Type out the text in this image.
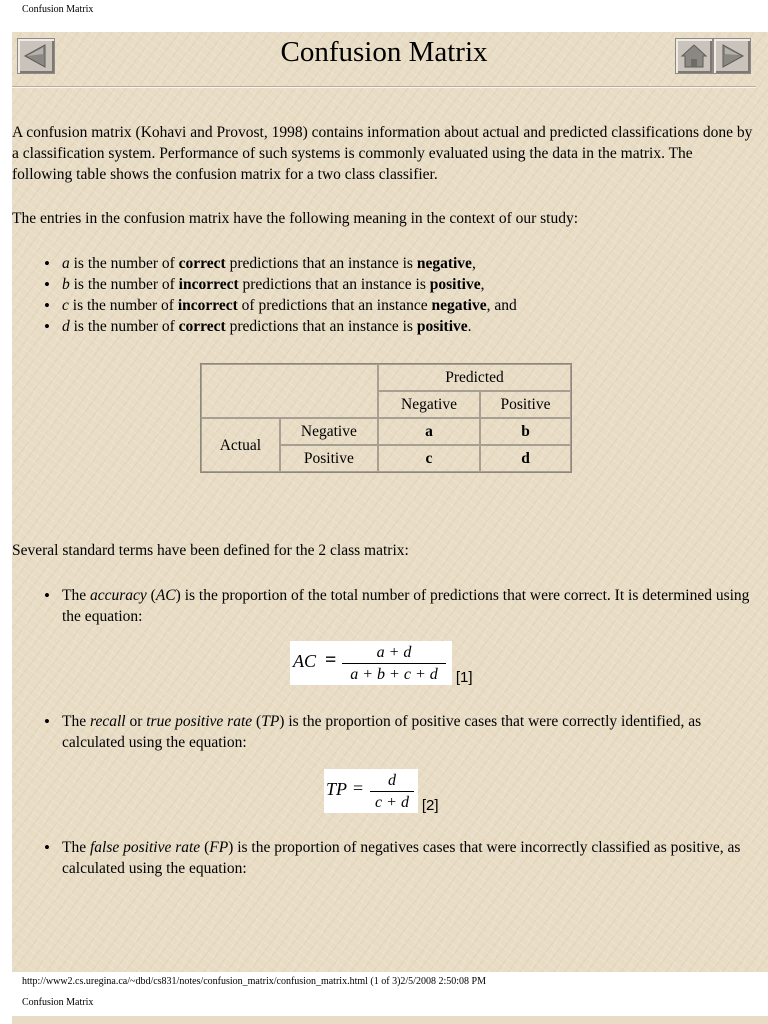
Confusion Matrix
Confusion Matrix

A confusion matrix (Kohavi and Provost, 1998) contains information about actual and predicted classifications done by a classification system. Performance of such systems is commonly evaluated using the data in the matrix. The following table shows the confusion matrix for a two class classifier.

The entries in the confusion matrix have the following meaning in the context of our study:

• a is the number of correct predictions that an instance is negative,
• b is the number of incorrect predictions that an instance is positive,
• c is the number of incorrect of predictions that an instance negative, and
• d is the number of correct predictions that an instance is positive.
		Predicted	
		Negative	Positive
Actual	Negative	a	b
	Positive	c	d

Several standard terms have been defined for the 2 class matrix:

• The accuracy (AC) is the proportion of the total number of predictions that were correct. It is determined using the equation:
AC =	a + d
a + b + c + d	[1]
• The recall or true positive rate (TP) is the proportion of positive cases that were correctly identified, as calculated using the equation:
TP =	d
c + d [2]
• The false positive rate (FP) is the proportion of negatives cases that were incorrectly classified as positive, as calculated using the equation:
http://www2.cs.uregina.ca/~dbd/cs831/notes/confusion_matrix/confusion_matrix.html (1 of 3)2/5/2008 2:50:08 PM
Confusion Matrix
